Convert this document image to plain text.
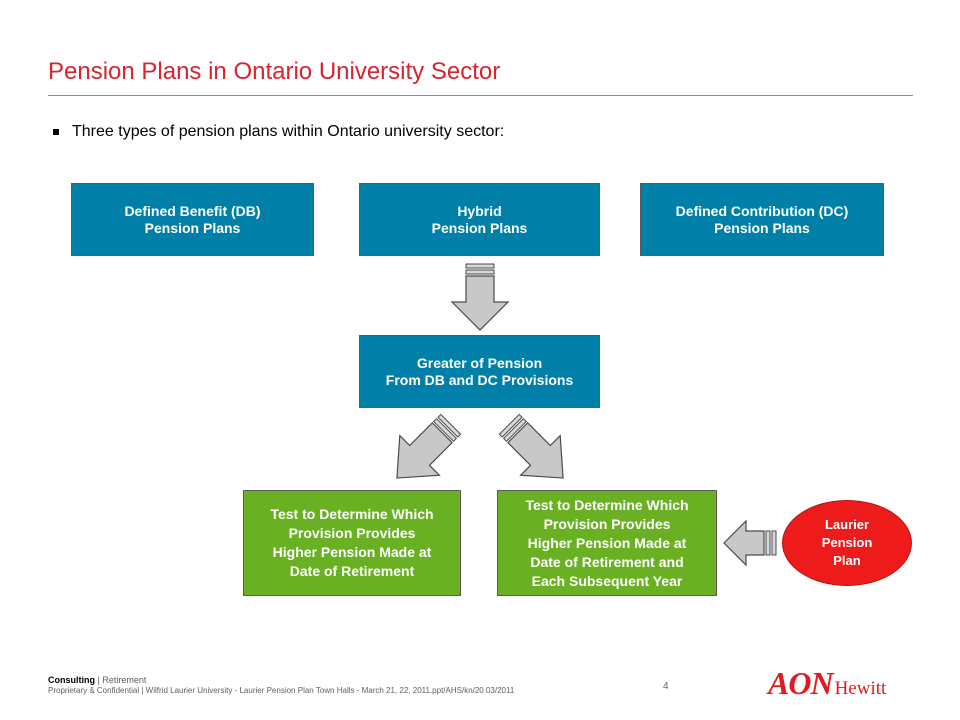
Pension Plans in Ontario University Sector
Three types of pension plans within Ontario university sector:
Defined Benefit (DB)
Pension Plans
Hybrid
Pension Plans
Defined Contribution (DC)
Pension Plans
Greater of Pension
From DB and DC Provisions
Test to Determine Which
Provision Provides
Higher Pension Made at
Date of Retirement
Test to Determine Which
Provision Provides
Higher Pension Made at
Date of Retirement and
Each Subsequent Year
Laurier
Pension
Plan
Consulting | Retirement
Proprietary & Confidential | Wilfrid Laurier University - Laurier Pension Plan Town Halls - March 21, 22, 2011.ppt/AHS/kn/20 03/2011	4	AON Hewitt
